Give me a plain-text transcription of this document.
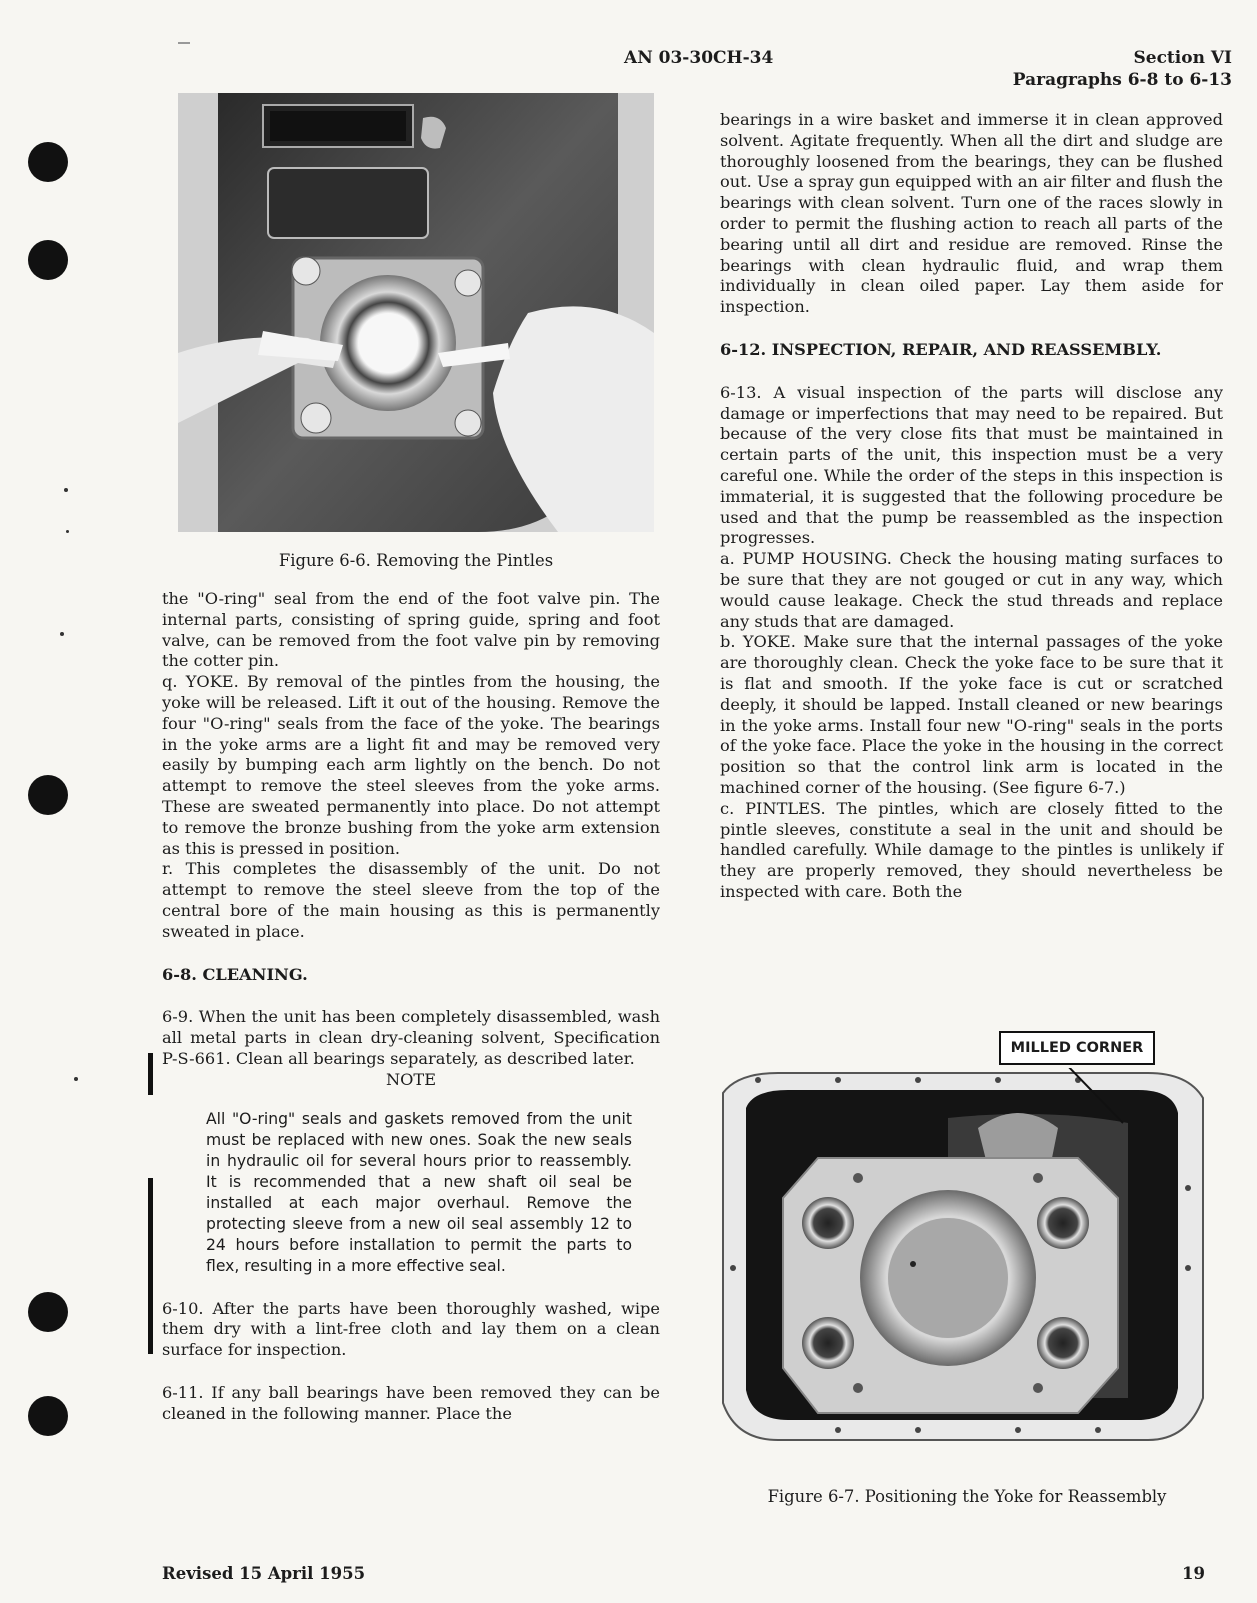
AN 03-30CH-34	Section VI
Paragraphs 6-8 to 6-13
Figure 6-6. Removing the Pintles

the "O-ring" seal from the end of the foot valve pin. The internal parts, consisting of spring guide, spring and foot valve, can be removed from the foot valve pin by removing the cotter pin.

q. YOKE. By removal of the pintles from the housing, the yoke will be released. Lift it out of the housing. Remove the four "O-ring" seals from the face of the yoke. The bearings in the yoke arms are a light fit and may be removed very easily by bumping each arm lightly on the bench. Do not attempt to remove the steel sleeves from the yoke arms. These are sweated permanently into place. Do not attempt to remove the bronze bushing from the yoke arm extension as this is pressed in position.

r. This completes the disassembly of the unit. Do not attempt to remove the steel sleeve from the top of the central bore of the main housing as this is permanently sweated in place.

6-8. CLEANING.

6-9. When the unit has been completely disassembled, wash all metal parts in clean dry-cleaning solvent, Specification P-S-661. Clean all bearings separately, as described later.

NOTE

All "O-ring" seals and gaskets removed from the unit must be replaced with new ones. Soak the new seals in hydraulic oil for several hours prior to reassembly. It is recommended that a new shaft oil seal be installed at each major overhaul. Remove the protecting sleeve from a new oil seal assembly 12 to 24 hours before installation to permit the parts to flex, resulting in a more effective seal.

6-10. After the parts have been thoroughly washed, wipe them dry with a lint-free cloth and lay them on a clean surface for inspection.

6-11. If any ball bearings have been removed they can be cleaned in the following manner. Place the

bearings in a wire basket and immerse it in clean approved solvent. Agitate frequently. When all the dirt and sludge are thoroughly loosened from the bearings, they can be flushed out. Use a spray gun equipped with an air filter and flush the bearings with clean solvent. Turn one of the races slowly in order to permit the flushing action to reach all parts of the bearing until all dirt and residue are removed. Rinse the bearings with clean hydraulic fluid, and wrap them individually in clean oiled paper. Lay them aside for inspection.

6-12. INSPECTION, REPAIR, AND REASSEMBLY.

6-13. A visual inspection of the parts will disclose any damage or imperfections that may need to be repaired. But because of the very close fits that must be maintained in certain parts of the unit, this inspection must be a very careful one. While the order of the steps in this inspection is immaterial, it is suggested that the following procedure be used and that the pump be reassembled as the inspection progresses.

a. PUMP HOUSING. Check the housing mating surfaces to be sure that they are not gouged or cut in any way, which would cause leakage. Check the stud threads and replace any studs that are damaged.

b. YOKE. Make sure that the internal passages of the yoke are thoroughly clean. Check the yoke face to be sure that it is flat and smooth. If the yoke face is cut or scratched deeply, it should be lapped. Install cleaned or new bearings in the yoke arms. Install four new "O-ring" seals in the ports of the yoke face. Place the yoke in the housing in the correct position so that the control link arm is located in the machined corner of the housing. (See figure 6-7.)

c. PINTLES. The pintles, which are closely fitted to the pintle sleeves, constitute a seal in the unit and should be handled carefully. While damage to the pintles is unlikely if they are properly removed, they should nevertheless be inspected with care. Both the

MILLED CORNER
Figure 6-7. Positioning the Yoke for Reassembly
Revised 15 April 1955	19
